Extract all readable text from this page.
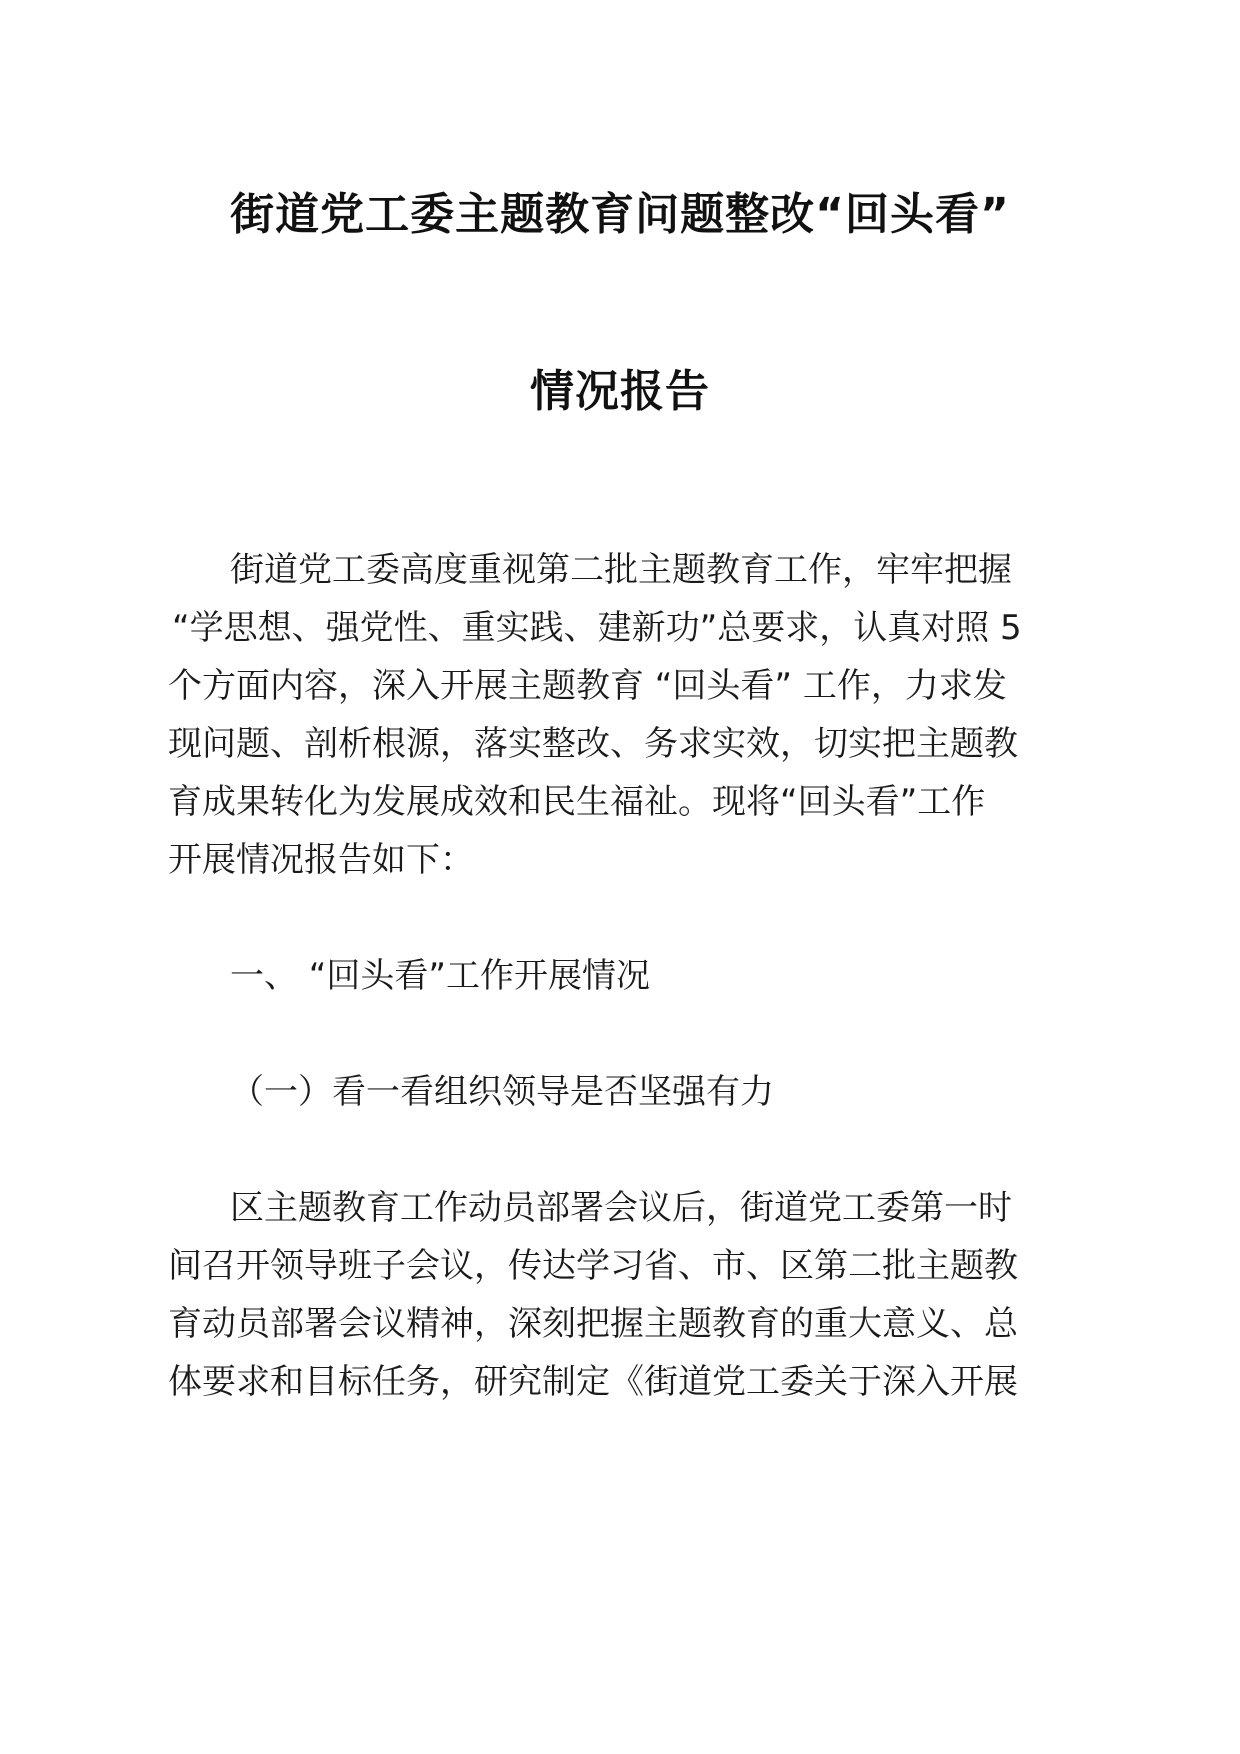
街道党工委主题教育问题整改“回头看”
情况报告
街道党工委高度重视第二批主题教育工作，牢牢把握
“学思想、强党性、重实践、建新功”总要求，认真对照 5
个方面内容，深入开展主题教育 “回头看” 工作，力求发
现问题、剖析根源，落实整改、务求实效，切实把主题教
育成果转化为发展成效和民生福祉。现将“回头看”工作
开展情况报告如下：
一、 “回头看”工作开展情况
（一）看一看组织领导是否坚强有力
区主题教育工作动员部署会议后，街道党工委第一时
间召开领导班子会议，传达学习省、市、区第二批主题教
育动员部署会议精神，深刻把握主题教育的重大意义、总
体要求和目标任务，研究制定《街道党工委关于深入开展
